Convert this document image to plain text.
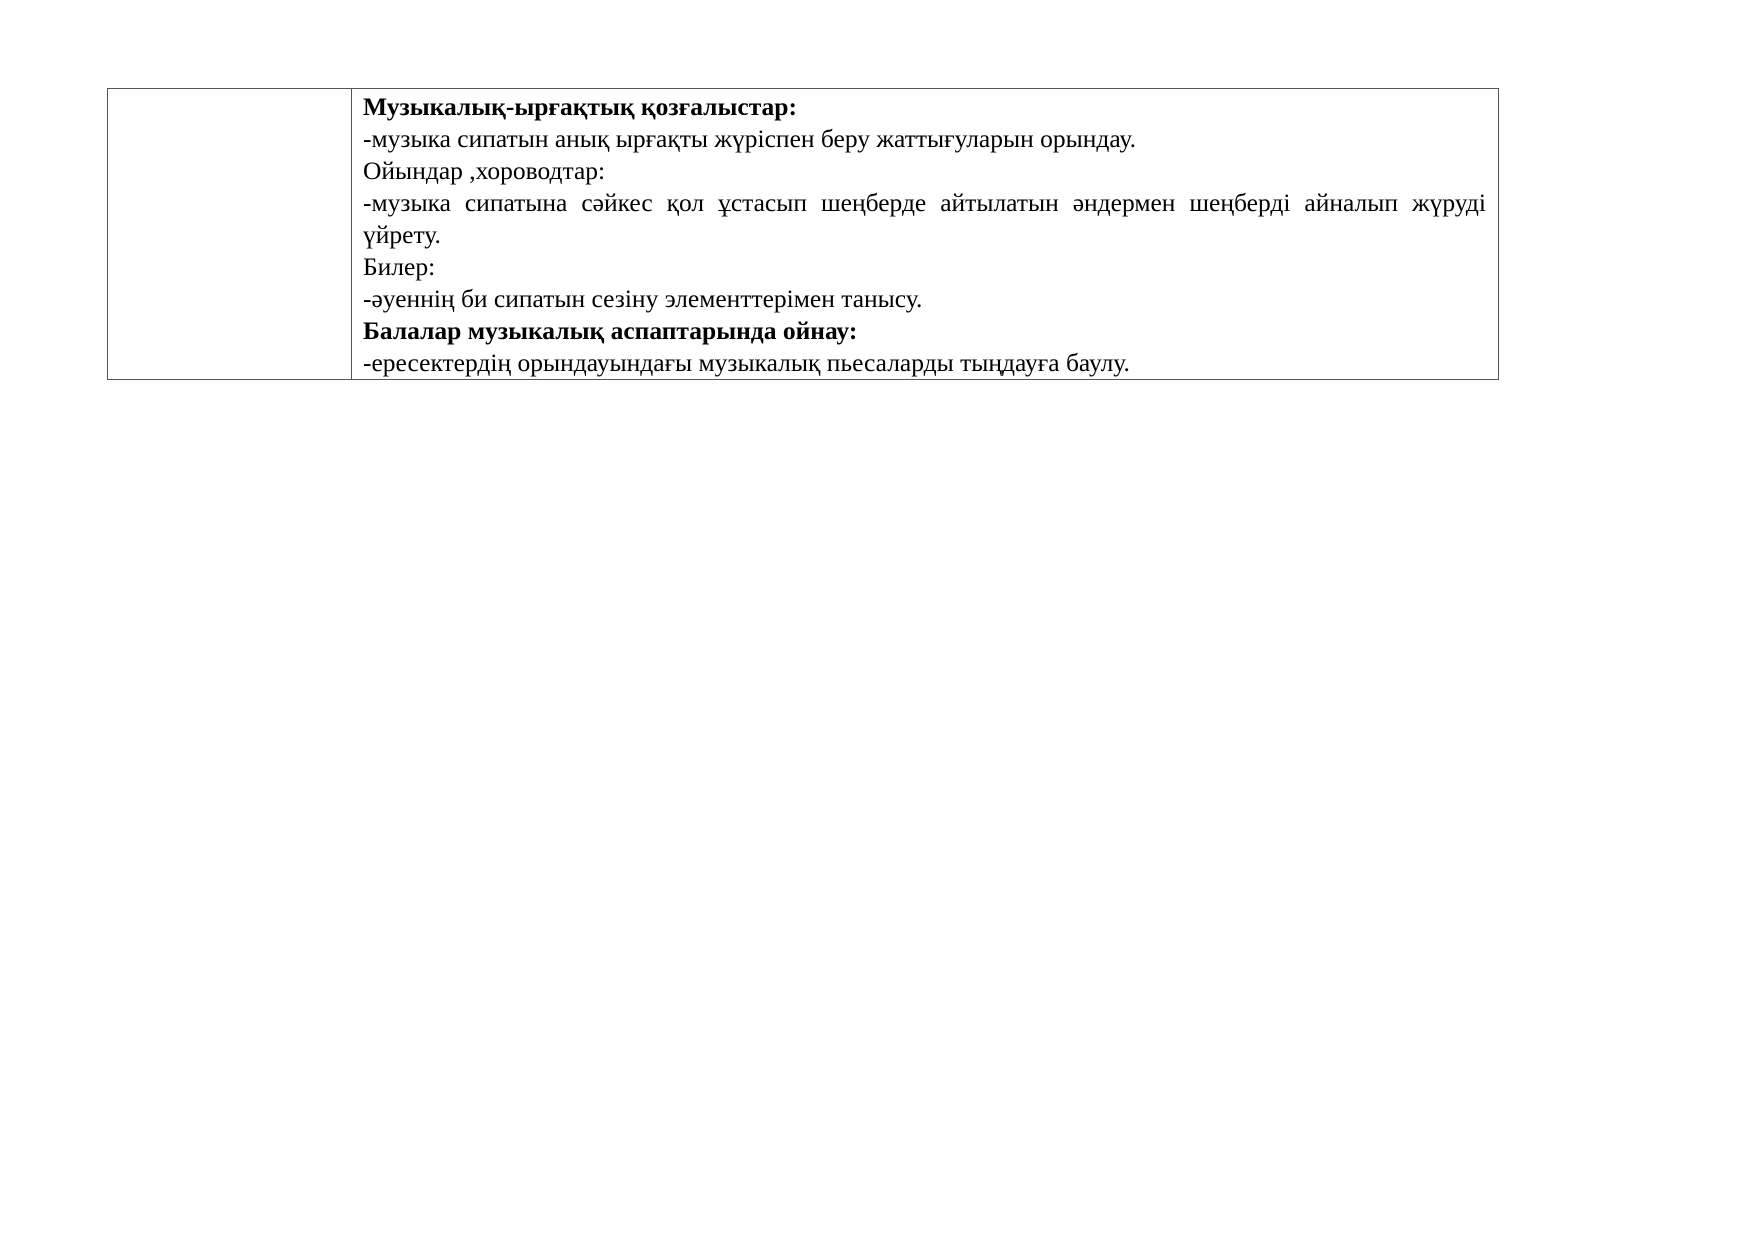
Музыкалық-ырғақтық қозғалыстар:
-музыка сипатын анық ырғақты жүріспен беру жаттығуларын орындау.
Ойындар ,хороводтар:
-музыка сипатына сәйкес қол ұстасып шеңберде айтылатын әндермен шеңберді айналып жүруді үйрету.
Билер:
-әуеннің би сипатын сезіну элементтерімен танысу.
Балалар музыкалық аспаптарында ойнау:
-ересектердің орындауындағы музыкалық пьесаларды тыңдауға баулу.
